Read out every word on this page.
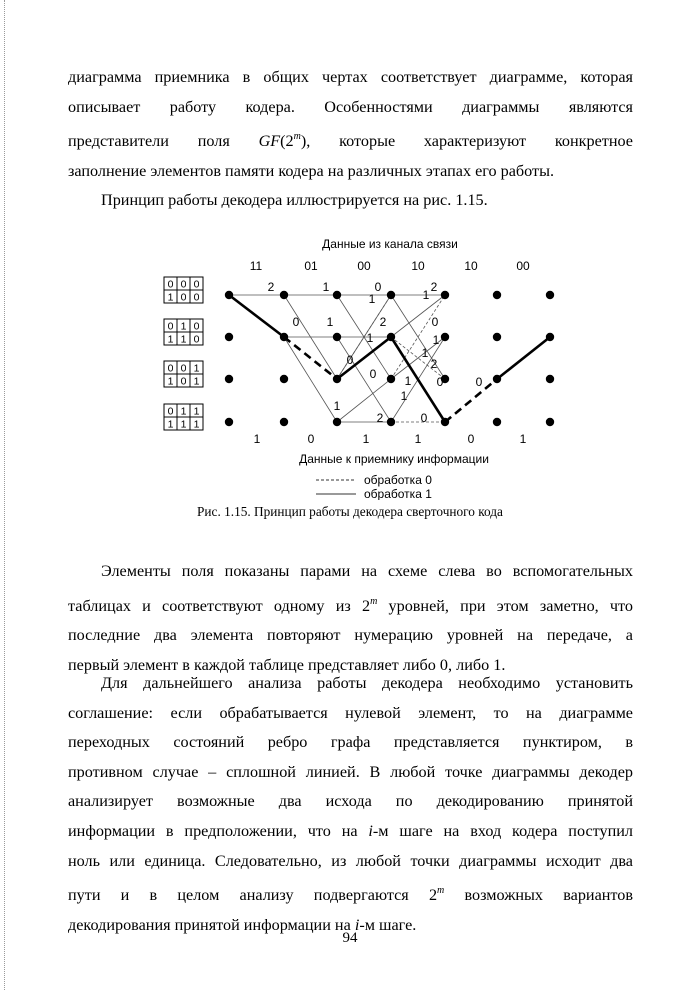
диаграмма приемника в общих чертах соответствует диаграмме, которая
описывает работу кодера. Особенностями диаграммы являются
представители поля GF(2$^m$), которые характеризуют конкретное
заполнение элементов памяти кодера на различных этапах его работы.

Принцип работы декодера иллюстрируется на рис. 1.15.

Данные из канала связи
11	01	00	10	10	00
0 0 0
1 0 0
0 1 0
1 1 0
0 0 1
1 0 1
0 1 1
1 1 1
2	1	0
1
2
1
0 1	2	0
1	1
1
0	2
0 1 0
1
1
2	0
0
1	0	1	1	0	1
Данные к приемнику информации
обработка 0
обработка 1
Рис. 1.15. Принцип работы декодера сверточного кода
Элементы поля показаны парами на схеме слева во вспомогательных
таблицах и соответствуют одному из 2$^m$ уровней, при этом заметно, что
последние два элемента повторяют нумерацию уровней на передаче, а
первый элемент в каждой таблице представляет либо 0, либо 1.
Для дальнейшего анализа работы декодера необходимо установить
соглашение: если обрабатывается нулевой элемент, то на диаграмме
переходных состояний ребро графа представляется пунктиром, в
противном случае – сплошной линией. В любой точке диаграммы декодер
анализирует возможные два исхода по декодированию принятой
информации в предположении, что на i-м шаге на вход кодера поступил
ноль или единица. Следовательно, из любой точки диаграммы исходит два
пути и в целом анализу подвергаются 2$^m$ возможных вариантов
декодирования принятой информации на i-м шаге.
94
